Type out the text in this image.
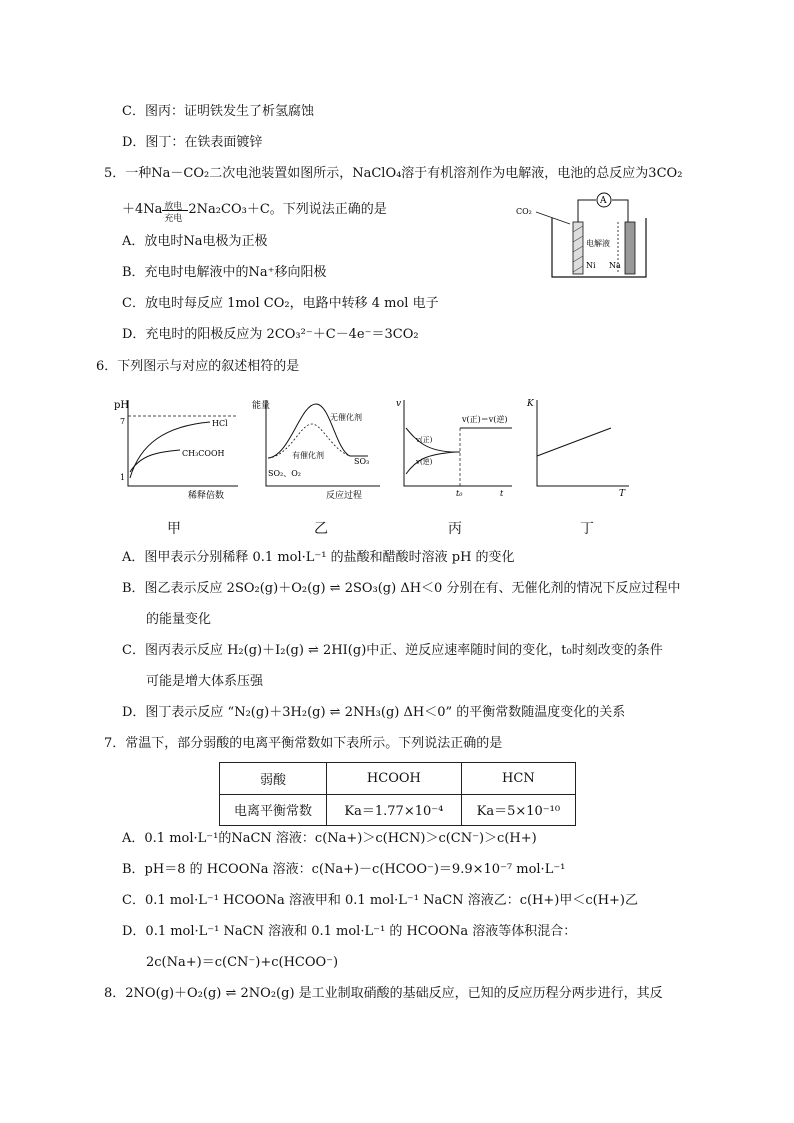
C．图丙：证明铁发生了析氢腐蚀
D．图丁：在铁表面镀锌
5．一种Na－CO₂二次电池装置如图所示，NaClO₄溶于有机溶剂作为电解液，电池的总反应为3CO₂
＋4Na 放电
充电
2Na₂CO₃＋C。下列说法正确的是
A．放电时Na电极为正极
B．充电时电解液中的Na⁺移向阳极
C．放电时每反应 1mol CO₂，电路中转移 4 mol 电子
D．充电时的阳极反应为 2CO₃²⁻＋C－4e⁻＝3CO₂
CO₂
A
电解液
Ni Na
6．下列图示与对应的叙述相符的是
pH
7
1
HCl
CH₃COOH
稀释倍数
甲
能量
无催化剂
有催化剂
SO₂、O₂
SO₃
反应过程
乙
v
v(正)
v(逆)
v(正)＝v(逆)
t₀	t
丙
K
T
丁
A．图甲表示分别稀释 0.1 mol·L⁻¹ 的盐酸和醋酸时溶液 pH 的变化
B．图乙表示反应 2SO₂(g)＋O₂(g) ⇌ 2SO₃(g) ΔH＜0 分别在有、无催化剂的情况下反应过程中
的能量变化
C．图丙表示反应 H₂(g)＋I₂(g) ⇌ 2HI(g)中正、逆反应速率随时间的变化，t₀时刻改变的条件
可能是增大体系压强
D．图丁表示反应 “N₂(g)＋3H₂(g) ⇌ 2NH₃(g) ΔH＜0” 的平衡常数随温度变化的关系
7．常温下，部分弱酸的电离平衡常数如下表所示。下列说法正确的是
弱酸	HCOOH	HCN
电离平衡常数	Ka＝1.77×10⁻⁴	Ka＝5×10⁻¹⁰
A．0.1 mol·L⁻¹的NaCN 溶液：c(Na+)＞c(HCN)＞c(CN⁻)＞c(H+)
B．pH＝8 的 HCOONa 溶液：c(Na+)－c(HCOO⁻)＝9.9×10⁻⁷ mol·L⁻¹
C．0.1 mol·L⁻¹ HCOONa 溶液甲和 0.1 mol·L⁻¹ NaCN 溶液乙：c(H+)甲＜c(H+)乙
D．0.1 mol·L⁻¹ NaCN 溶液和 0.1 mol·L⁻¹ 的 HCOONa 溶液等体积混合：
2c(Na+)＝c(CN⁻)+c(HCOO⁻)
8．2NO(g)＋O₂(g) ⇌ 2NO₂(g) 是工业制取硝酸的基础反应，已知的反应历程分两步进行，其反
